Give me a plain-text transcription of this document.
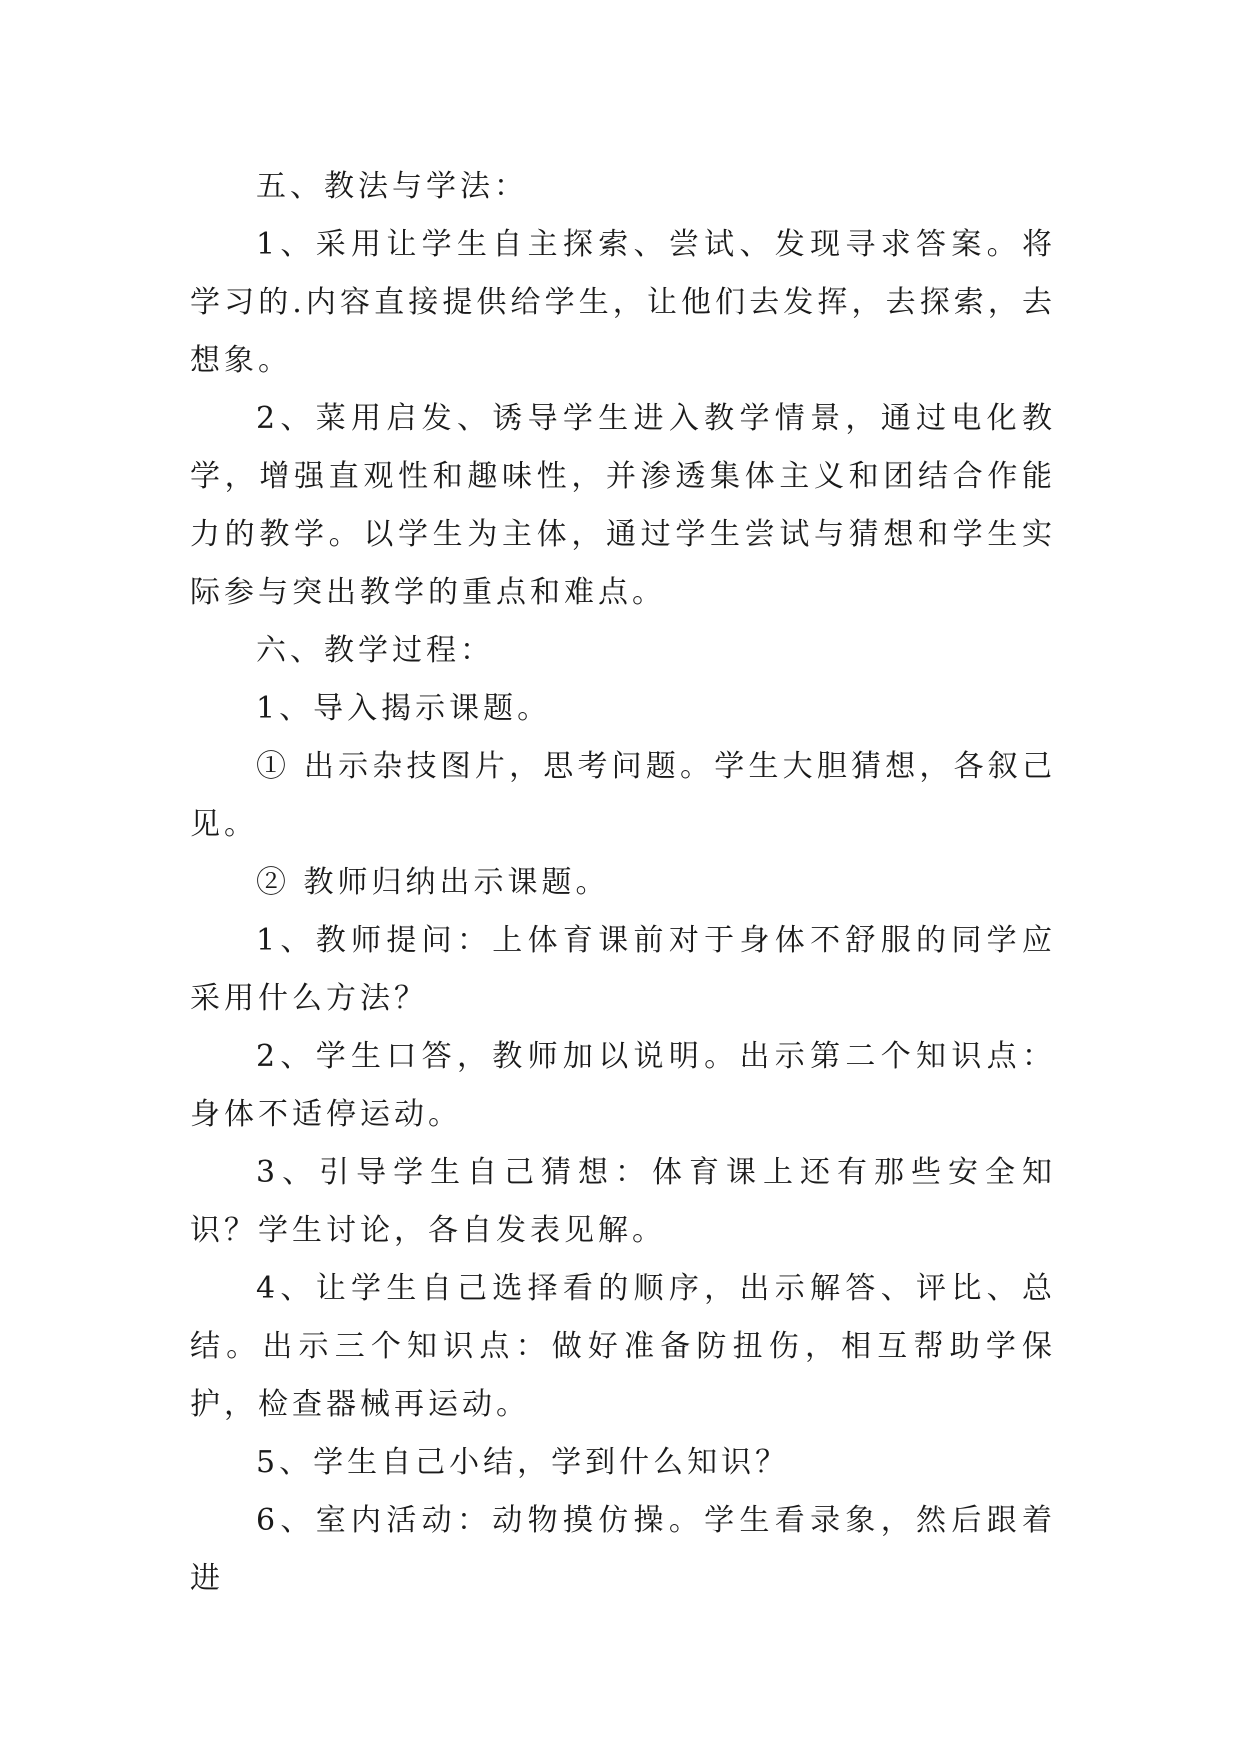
五、教法与学法：

1、采用让学生自主探索、尝试、发现寻求答案。将学习的.内容直接提供给学生，让他们去发挥，去探索，去想象。

2、菜用启发、诱导学生进入教学情景，通过电化教学，增强直观性和趣味性，并渗透集体主义和团结合作能力的教学。以学生为主体，通过学生尝试与猜想和学生实际参与突出教学的重点和难点。

六、教学过程：

1、导入揭示课题。

① 出示杂技图片，思考问题。学生大胆猜想，各叙己见。

② 教师归纳出示课题。

1、教师提问：上体育课前对于身体不舒服的同学应采用什么方法？

2、学生口答，教师加以说明。出示第二个知识点：身体不适停运动。

3、引导学生自己猜想：体育课上还有那些安全知识？学生讨论，各自发表见解。

4、让学生自己选择看的顺序，出示解答、评比、总结。出示三个知识点：做好准备防扭伤，相互帮助学保护，检查器械再运动。

5、学生自己小结，学到什么知识？

6、室内活动：动物摸仿操。学生看录象，然后跟着进
